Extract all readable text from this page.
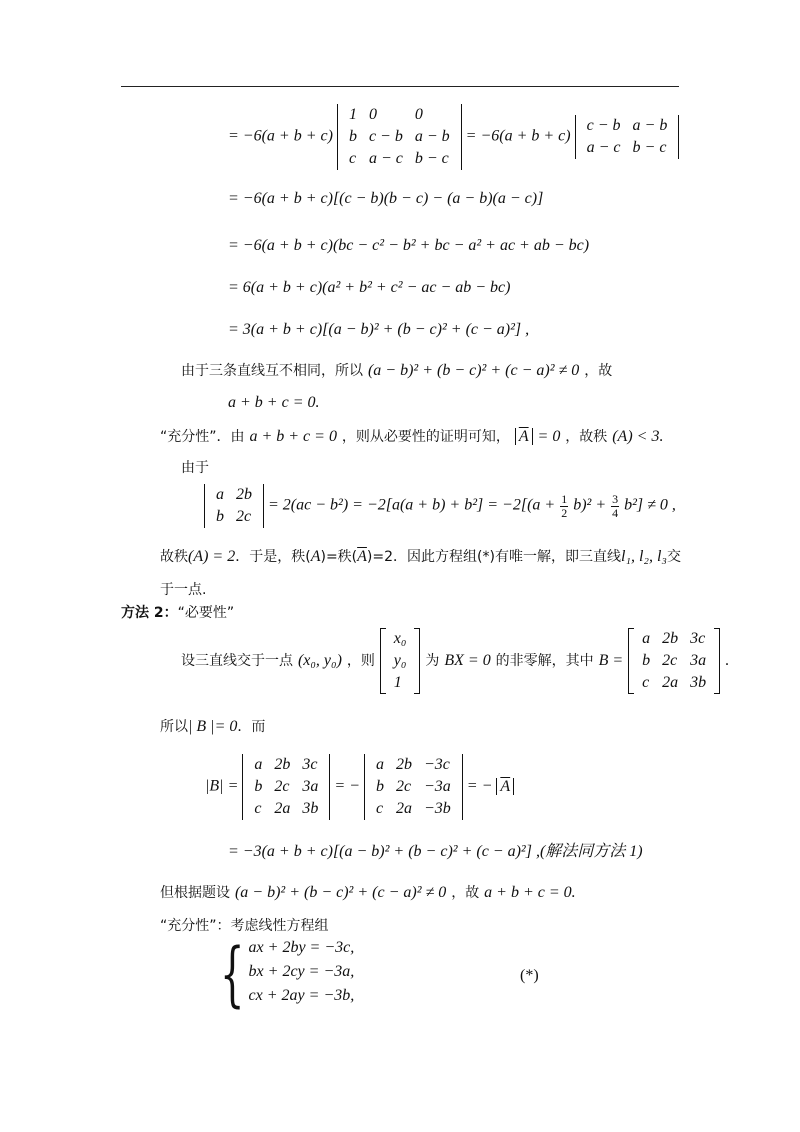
= −6(a + b + c)
1	0	0
b	c − b	a − b
c	a − c	b − c
= −6(a + b + c)
c − b	a − b
a − c	b − c
= −6(a + b + c)[(c − b)(b − c) − (a − b)(a − c)]
= −6(a + b + c)(bc − c² − b² + bc − a² + ac + ab − bc)
= 6(a + b + c)(a² + b² + c² − ac − ab − bc)
= 3(a + b + c)[(a − b)² + (b − c)² + (c − a)²] ,
由于三条直线互不相同，所以 (a − b)² + (b − c)² + (c − a)² ≠ 0 ，故
a + b + c = 0.
“充分性”．由 a + b + c = 0 ，则从必要性的证明可知， $\overline{A} = 0$ ，故秩 (A) < 3.
由于
a	2b
b	2c
= $2(ac - b^2) = -2[a(a + b) + b^2] = -2[(a + \frac{1}{2} b)^2 + \frac{3}{4} b^2] \ne 0$ ,
故秩(A) = 2．于是，秩(A)=秩$(\overline{A})=2$．因此方程组(*)有唯一解，即三直线l₁, l₂, l₃交
于一点.
方法 2：“必要性”
设三直线交于一点 (x₀, y₀) ，则
x₀
y₀
1
为 BX = 0 的非零解，其中 B =
a	2b	3c
b	2c	3a
c	2a	3b
.
所以| B |= 0．而
|B| =
a	2b	3c
b	2c	3a
c	2a	3b
= −
a	2b	−3c
b	2c	−3a
c	2a	−3b
= − $\overline{A}$
= −3(a + b + c)[(a − b)² + (b − c)² + (c − a)²] ,(解法同方法 1)
但根据题设 (a − b)² + (b − c)² + (c − a)² ≠ 0 ，故 a + b + c = 0.
“充分性”：考虑线性方程组
{ ax + 2by = −3c,
bx + 2cy = −3a,
cx + 2ay = −3b,
(*)
